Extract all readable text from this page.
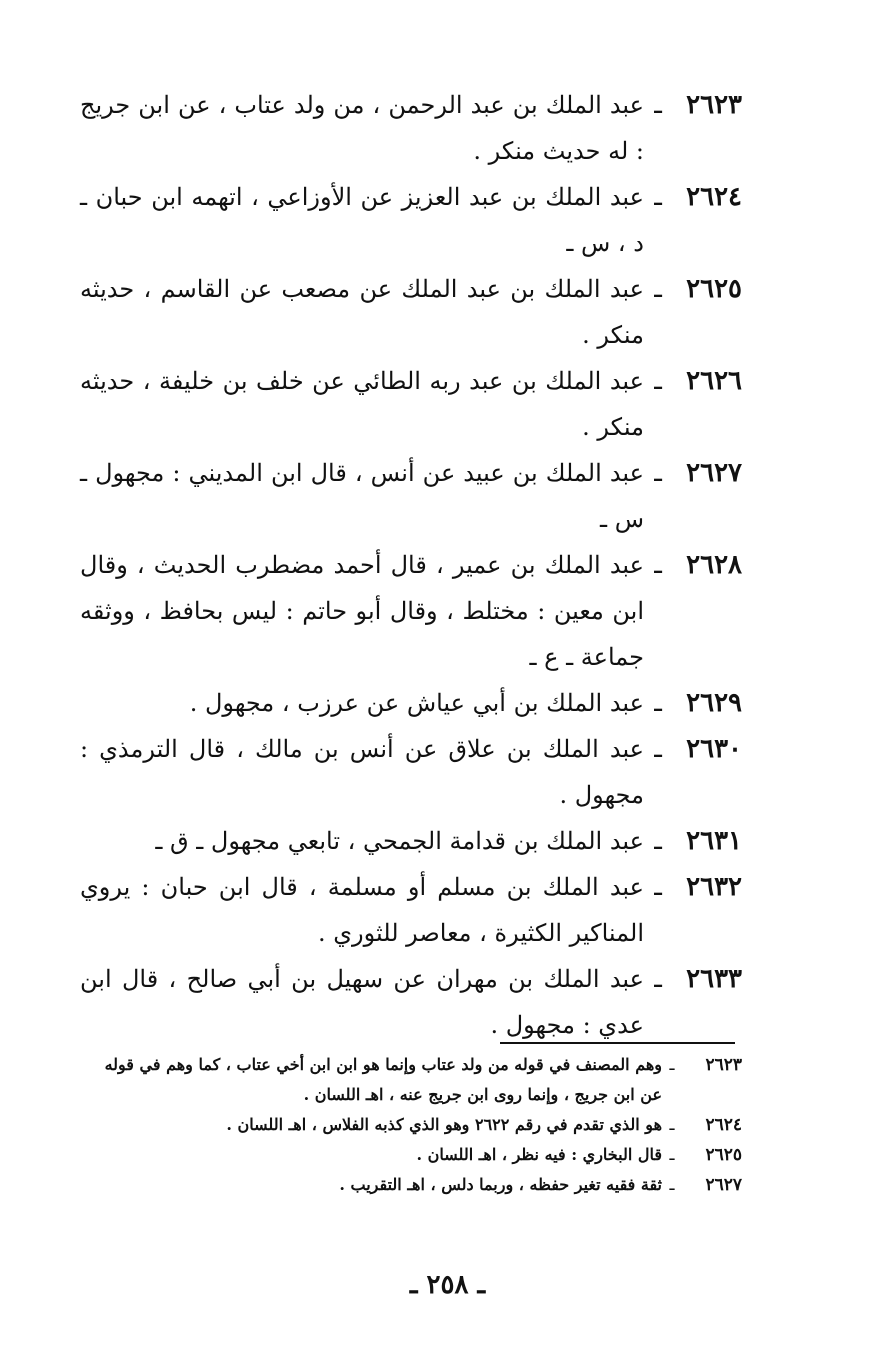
٢٦٢٣
ـ
عبد الملك بن عبد الرحمن ، من ولد عتاب ، عن ابن جريج : له حديث منكر .
٢٦٢٤
ـ
عبد الملك بن عبد العزيز عن الأوزاعي ، اتهمه ابن حبان ـ د ، س ـ
٢٦٢٥
ـ
عبد الملك بن عبد الملك عن مصعب عن القاسم ، حديثه منكر .
٢٦٢٦
ـ
عبد الملك بن عبد ربه الطائي عن خلف بن خليفة ، حديثه منكر .
٢٦٢٧
ـ
عبد الملك بن عبيد عن أنس ، قال ابن المديني : مجهول ـ س ـ
٢٦٢٨
ـ
عبد الملك بن عمير ، قال أحمد مضطرب الحديث ، وقال ابن معين : مختلط ، وقال أبو حاتم : ليس بحافظ ، ووثقه جماعة ـ ع ـ
٢٦٢٩
ـ
عبد الملك بن أبي عياش عن عرزب ، مجهول .
٢٦٣٠
ـ
عبد الملك بن علاق عن أنس بن مالك ، قال الترمذي : مجهول .
٢٦٣١
ـ
عبد الملك بن قدامة الجمحي ، تابعي مجهول ـ ق ـ
٢٦٣٢
ـ
عبد الملك بن مسلم أو مسلمة ، قال ابن حبان : يروي المناكير الكثيرة ، معاصر للثوري .
٢٦٣٣
ـ
عبد الملك بن مهران عن سهيل بن أبي صالح ، قال ابن عدي : مجهول .
٢٦٢٣
ـ
وهم المصنف في قوله من ولد عتاب وإنما هو ابن ابن أخي عتاب ، كما وهم في قوله عن ابن جريج ، وإنما روى ابن جريج عنه ، اهـ اللسان .
٢٦٢٤
ـ
هو الذي تقدم في رقم ٢٦٢٢ وهو الذي كذبه الفلاس ، اهـ اللسان .
٢٦٢٥
ـ
قال البخاري : فيه نظر ، اهـ اللسان .
٢٦٢٧
ـ
ثقة فقيه تغير حفظه ، وربما دلس ، اهـ التقريب .
ـ ٢٥٨ ـ
